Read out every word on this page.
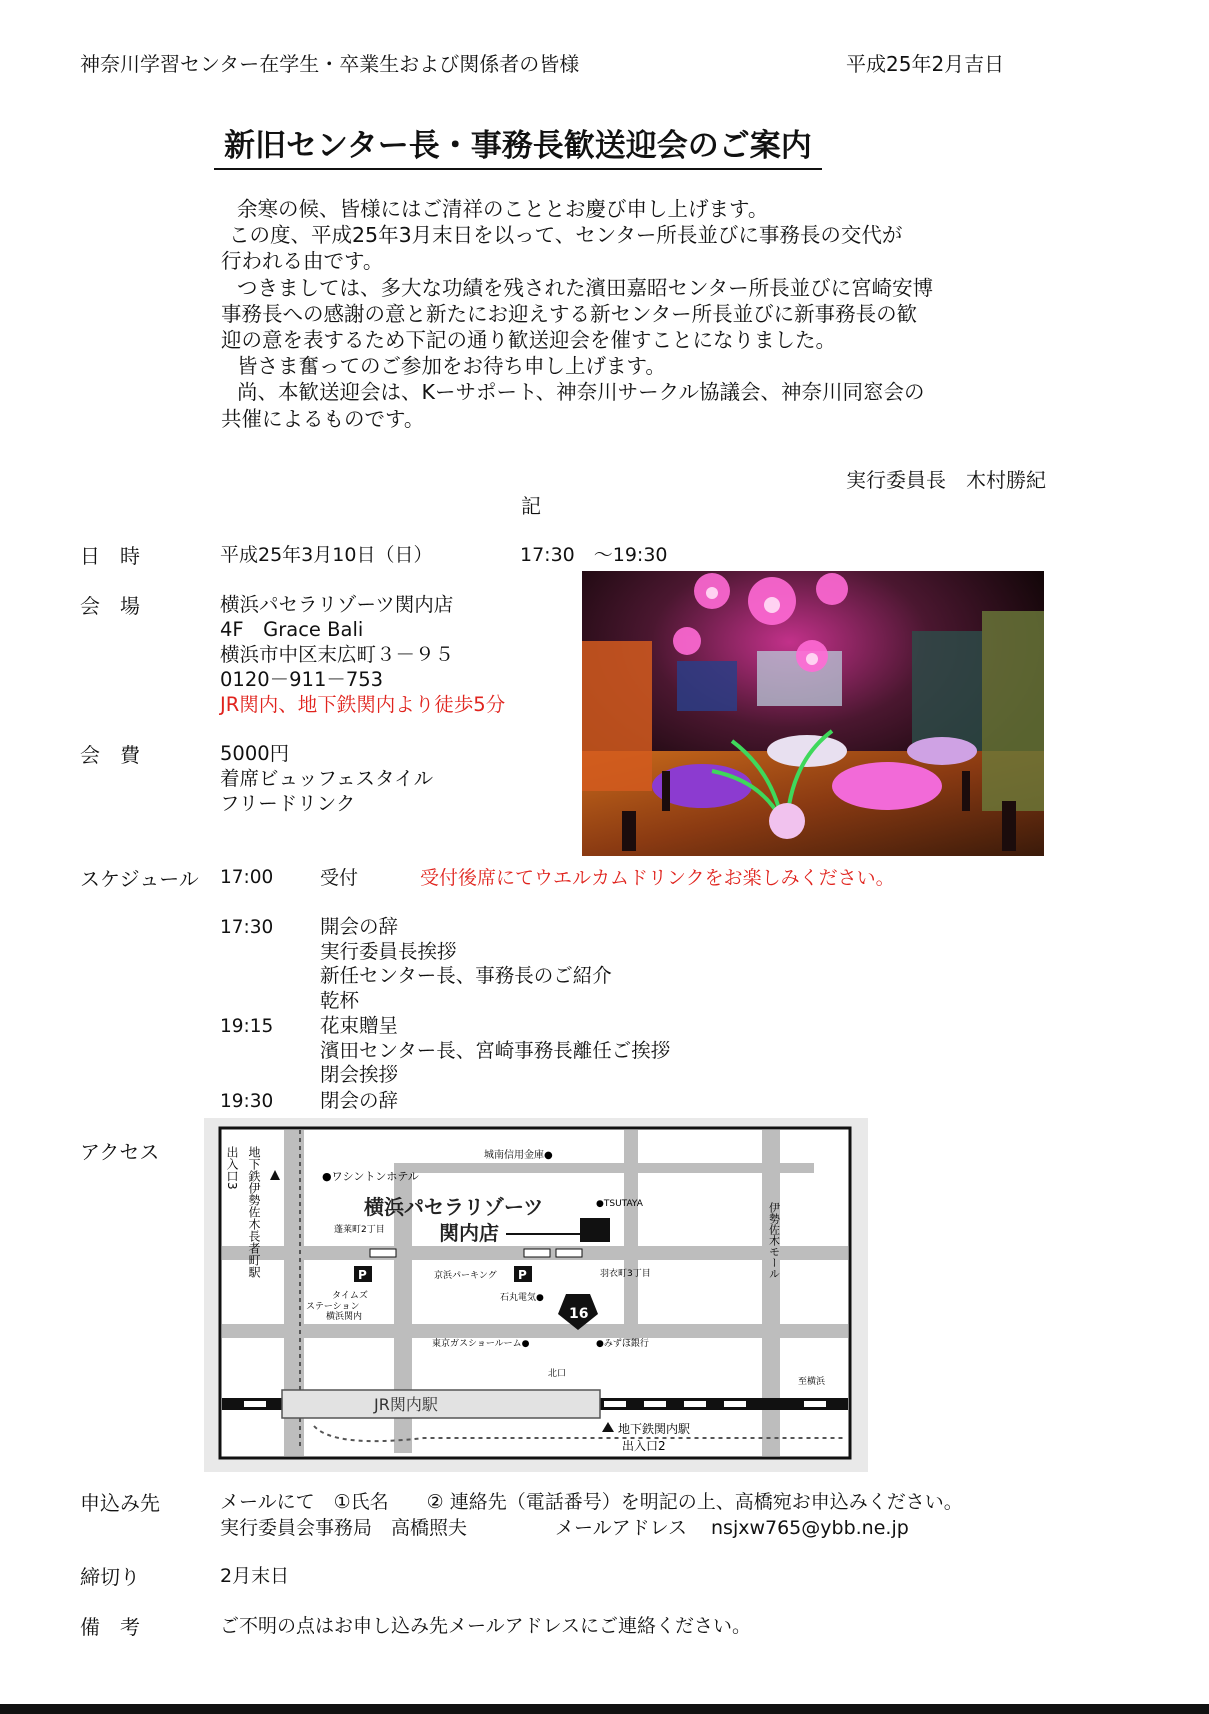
神奈川学習センター在学生・卒業生および関係者の皆様	平成25年2月吉日
新旧センター長・事務長歓送迎会のご案内

余寒の候、皆様にはご清祥のこととお慶び申し上げます。

この度、平成25年3月末日を以って、センター所長並びに事務長の交代が

行われる由です。

つきましては、多大な功績を残された濱田嘉昭センター所長並びに宮崎安博

事務長への感謝の意と新たにお迎えする新センター所長並びに新事務長の歓

迎の意を表するため下記の通り歓送迎会を催すことになりました。

皆さま奮ってのご参加をお待ち申し上げます。

尚、本歓送迎会は、Kーサポート、神奈川サークル協議会、神奈川同窓会の

共催によるものです。

実行委員長　木村勝紀
記
日　時	平成25年3月10日（日）	17:30　～19:30
会　場	横浜パセラリゾーツ関内店

4F　Grace Bali

横浜市中区末広町３－９５

0120－911－753

JR関内、地下鉄関内より徒歩5分

会　費	5000円

着席ビュッフェスタイル

フリードリンク

スケジュール 17:00 受付	受付後席にてウエルカムドリンクをお楽しみください。
17:30 開会の辞

実行委員長挨拶

新任センター長、事務長のご紹介

乾杯

19:15 花束贈呈

濱田センター長、宮崎事務長離任ご挨拶

閉会挨拶

19:30 閉会の辞

アクセス	出入口3 地下鉄伊勢佐木長者町駅	●ワシントンホテル
城南信用金庫●
横浜パセラリゾーツ
関内店
●TSUTAYA
蓬莱町2丁目
羽衣町3丁目	伊勢佐木モール
P
タイムズ
ステーション
横浜関内
京浜パーキング P
石丸電気●
16
東京ガスショールーム●	●みずほ銀行
北口
至横浜
JR関内駅
地下鉄関内駅
出入口2
申込み先	メールにて　①氏名　　② 連絡先（電話番号）を明記の上、高橋宛お申込みください。
実行委員会事務局　高橋照夫	メールアドレス nsjxw765@ybb.ne.jp
締切り	2月末日
備　考	ご不明の点はお申し込み先メールアドレスにご連絡ください。
